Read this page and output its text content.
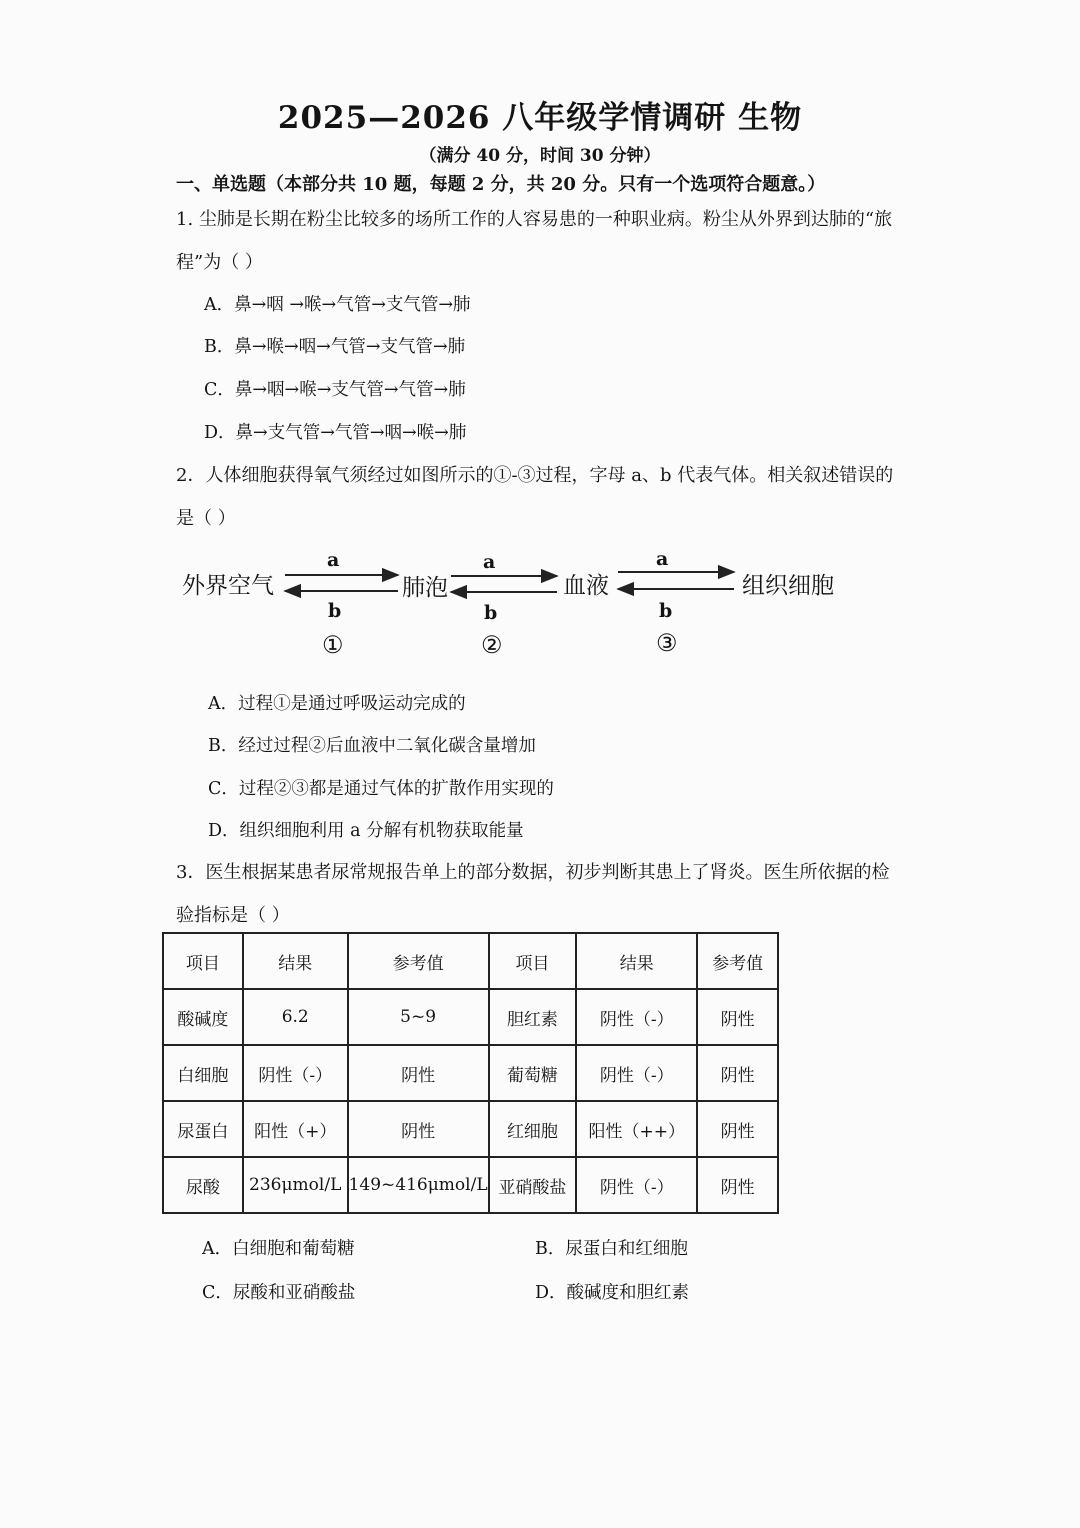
2025—2026 八年级学情调研 生物
（满分 40 分，时间 30 分钟）
一、单选题（本部分共 10 题，每题 2 分，共 20 分。只有一个选项符合题意。）
1. 尘肺是长期在粉尘比较多的场所工作的人容易患的一种职业病。粉尘从外界到达肺的“旅
程”为（ ）
A．鼻→咽 →喉→气管→支气管→肺
B．鼻→喉→咽→气管→支气管→肺
C．鼻→咽→喉→支气管→气管→肺
D．鼻→支气管→气管→咽→喉→肺
2．人体细胞获得氧气须经过如图所示的①-③过程，字母 a、b 代表气体。相关叙述错误的
是（ ）
外界空气	肺泡	血液	组织细胞
a	a	a
b	b	b
①	②	③
A．过程①是通过呼吸运动完成的
B．经过过程②后血液中二氧化碳含量增加
C．过程②③都是通过气体的扩散作用实现的
D．组织细胞利用 a 分解有机物获取能量
3．医生根据某患者尿常规报告单上的部分数据，初步判断其患上了肾炎。医生所依据的检
验指标是（ ）
项目	结果	参考值	项目	结果	参考值
酸碱度	6.2	5~9	胆红素	阴性（-）	阴性
白细胞	阴性（-）	阴性	葡萄糖	阴性（-）	阴性
尿蛋白	阳性（+）	阴性	红细胞	阳性（++）	阴性
尿酸	236μmol/L	149~416μmol/L	亚硝酸盐	阴性（-）	阴性
A．白细胞和葡萄糖	B．尿蛋白和红细胞
C．尿酸和亚硝酸盐	D．酸碱度和胆红素
